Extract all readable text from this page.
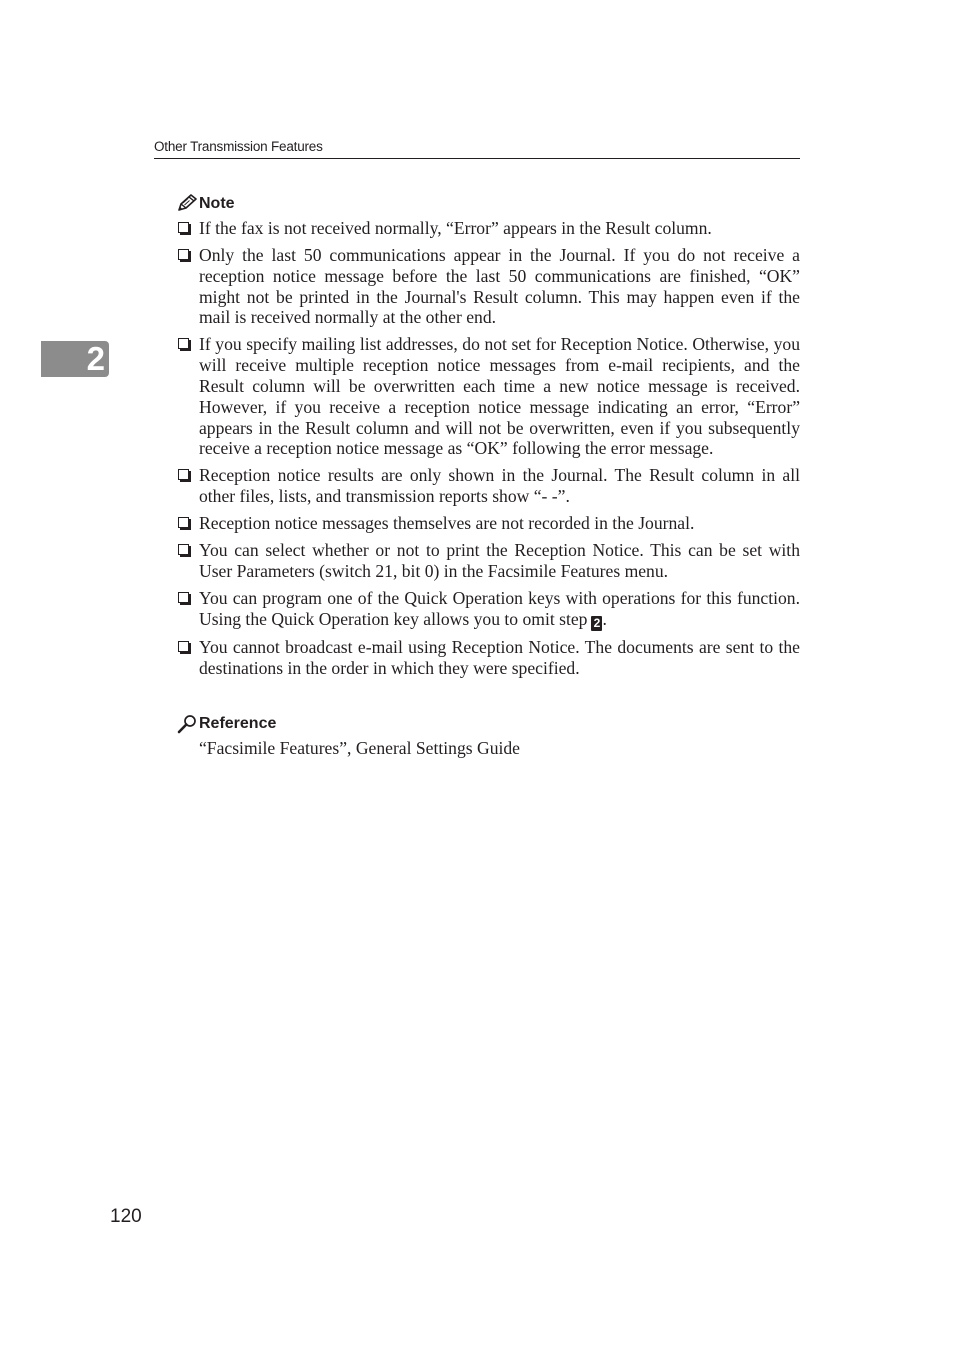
Other Transmission Features
2
Note
If the fax is not received normally, “Error” appears in the Result column.
Only the last 50 communications appear in the Journal. If you do not receive a reception notice message before the last 50 communications are finished, “OK” might not be printed in the Journal's Result column. This may happen even if the mail is received normally at the other end.
If you specify mailing list addresses, do not set for Reception Notice. Otherwise, you will receive multiple reception notice messages from e-mail recipients, and the Result column will be overwritten each time a new notice message is received. However, if you receive a reception notice message indicating an error, “Error” appears in the Result column and will not be overwritten, even if you subsequently receive a reception notice message as “OK” following the error message.
Reception notice results are only shown in the Journal. The Result column in all other files, lists, and transmission reports show “- -”.
Reception notice messages themselves are not recorded in the Journal.
You can select whether or not to print the Reception Notice. This can be set with User Parameters (switch 21, bit 0) in the Facsimile Features menu.
You can program one of the Quick Operation keys with operations for this function. Using the Quick Operation key allows you to omit step 2 .
You cannot broadcast e-mail using Reception Notice. The documents are sent to the destinations in the order in which they were specified.
Reference
“Facsimile Features”, General Settings Guide
120
